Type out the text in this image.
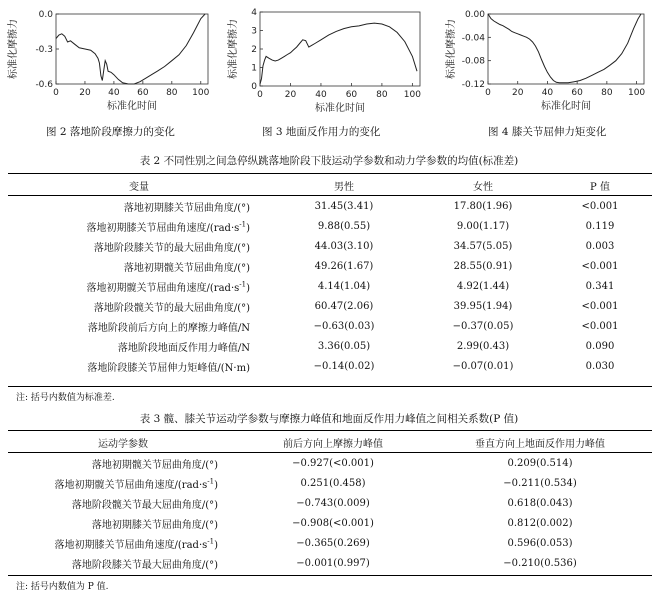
0 20 40 60 80 100
0.0
-0.3
-0.6
标准化时间
标准化摩擦力
0 20 40 60 80 100
0
1
2
3
4
标准化时间
标准化摩擦力
0 20 40 60 80 100
0.00
-0.04
-0.08
-0.12
标准化时间
标准化摩擦力
图 2 落地阶段摩擦力的变化	图 3 地面反作用力的变化	图 4 膝关节屈伸力矩变化
表 2 不同性别之间急停纵跳落地阶段下肢运动学参数和动力学参数的均值(标准差)
变量	男性	女性	P 值
落地初期膝关节屈曲角度/(°)	31.45(3.41)	17.80(1.96)	<0.001
落地初期膝关节屈曲角速度$/(rad\cdot s^{-1})$	9.88(0.55)	9.00(1.17)	0.119
落地阶段膝关节的最大屈曲角度/(°)	44.03(3.10)	34.57(5.05)	0.003
落地初期髋关节屈曲角度/(°)	49.26(1.67)	28.55(0.91)	<0.001
落地初期髋关节屈曲角速度$/(rad\cdot s^{-1})$	4.14(1.04)	4.92(1.44)	0.341
落地阶段髋关节的最大屈曲角度/(°)	60.47(2.06)	39.95(1.94)	<0.001
落地阶段前后方向上的摩擦力峰值/N	−0.63(0.03)	−0.37(0.05)	<0.001
落地阶段地面反作用力峰值/N	3.36(0.05)	2.99(0.43)	0.090
落地阶段膝关节屈伸力矩峰值/(N·m)	−0.14(0.02)	−0.07(0.01)	0.030
注: 括号内数值为标准差.
表 3 髋、膝关节运动学参数与摩擦力峰值和地面反作用力峰值之间相关系数(P 值)
运动学参数	前后方向上摩擦力峰值	垂直方向上地面反作用力峰值
落地初期髋关节屈曲角度/(°)	−0.927(<0.001)	0.209(0.514)
落地初期髋关节屈曲角速度$/(rad\cdot s^{-1})$	0.251(0.458)	−0.211(0.534)
落地阶段髋关节最大屈曲角度/(°)	−0.743(0.009)	0.618(0.043)
落地初期膝关节屈曲角度/(°)	−0.908(<0.001)	0.812(0.002)
落地初期膝关节屈曲角速度$/(rad\cdot s^{-1})$	−0.365(0.269)	0.596(0.053)
落地阶段膝关节最大屈曲角度/(°)	−0.001(0.997)	−0.210(0.536)
注: 括号内数值为 P 值.
